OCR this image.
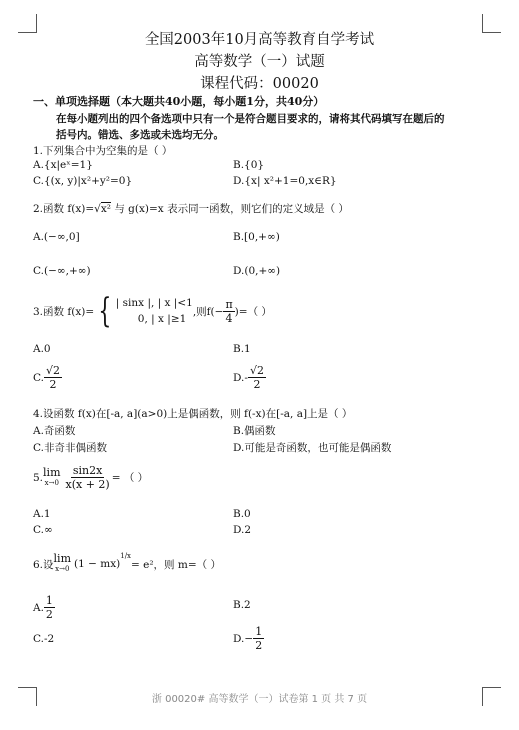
全国2003年10月高等教育自学考试
高等数学（一）试题
课程代码：00020
一、单项选择题（本大题共40小题，每小题1分，共40分）
在每小题列出的四个备选项中只有一个是符合题目要求的，请将其代码填写在题后的
括号内。错选、多选或未选均无分。
1.下列集合中为空集的是（ ）
A.{x|eˣ=1}	B.{0}
C.{(x, y)|x²+y²=0}	D.{x| x²+1=0,x∈R}
2.函数 f(x)=√x² 与 g(x)=x 表示同一函数，则它们的定义域是（ ）
A.(−∞,0]	B.[0,+∞)
C.(−∞,+∞)	D.(0,+∞)
3.函数 f(x)= { | sinx |, | x |<1
0, | x |≥1
,则$f(- \frac{\pi}{4}$ )=（ ）
A.0	B.1
C. $\frac{√2}{2}$	$D.- \frac{√2}{2}$
4.设函数 f(x)在[-a, a](a>0)上是偶函数，则 f(-x)在[-a, a]上是（ ）
A.奇函数	B.偶函数
C.非奇非偶函数	D.可能是奇函数，也可能是偶函数
5. lim
$x\to 0 \frac{\sin 2x}{x(x + 2)}$ = （ ）
A.1	B.0
C.∞	D.2
6.设 lim
x→0 (1 − mx)
1/x
= e²，则 m=（ ）
A. $\frac{1}{2}$	B.2
C.-2	$D.- \frac{1}{2}$
浙 00020# 高等数学（一）试卷第 1 页 共 7 页
